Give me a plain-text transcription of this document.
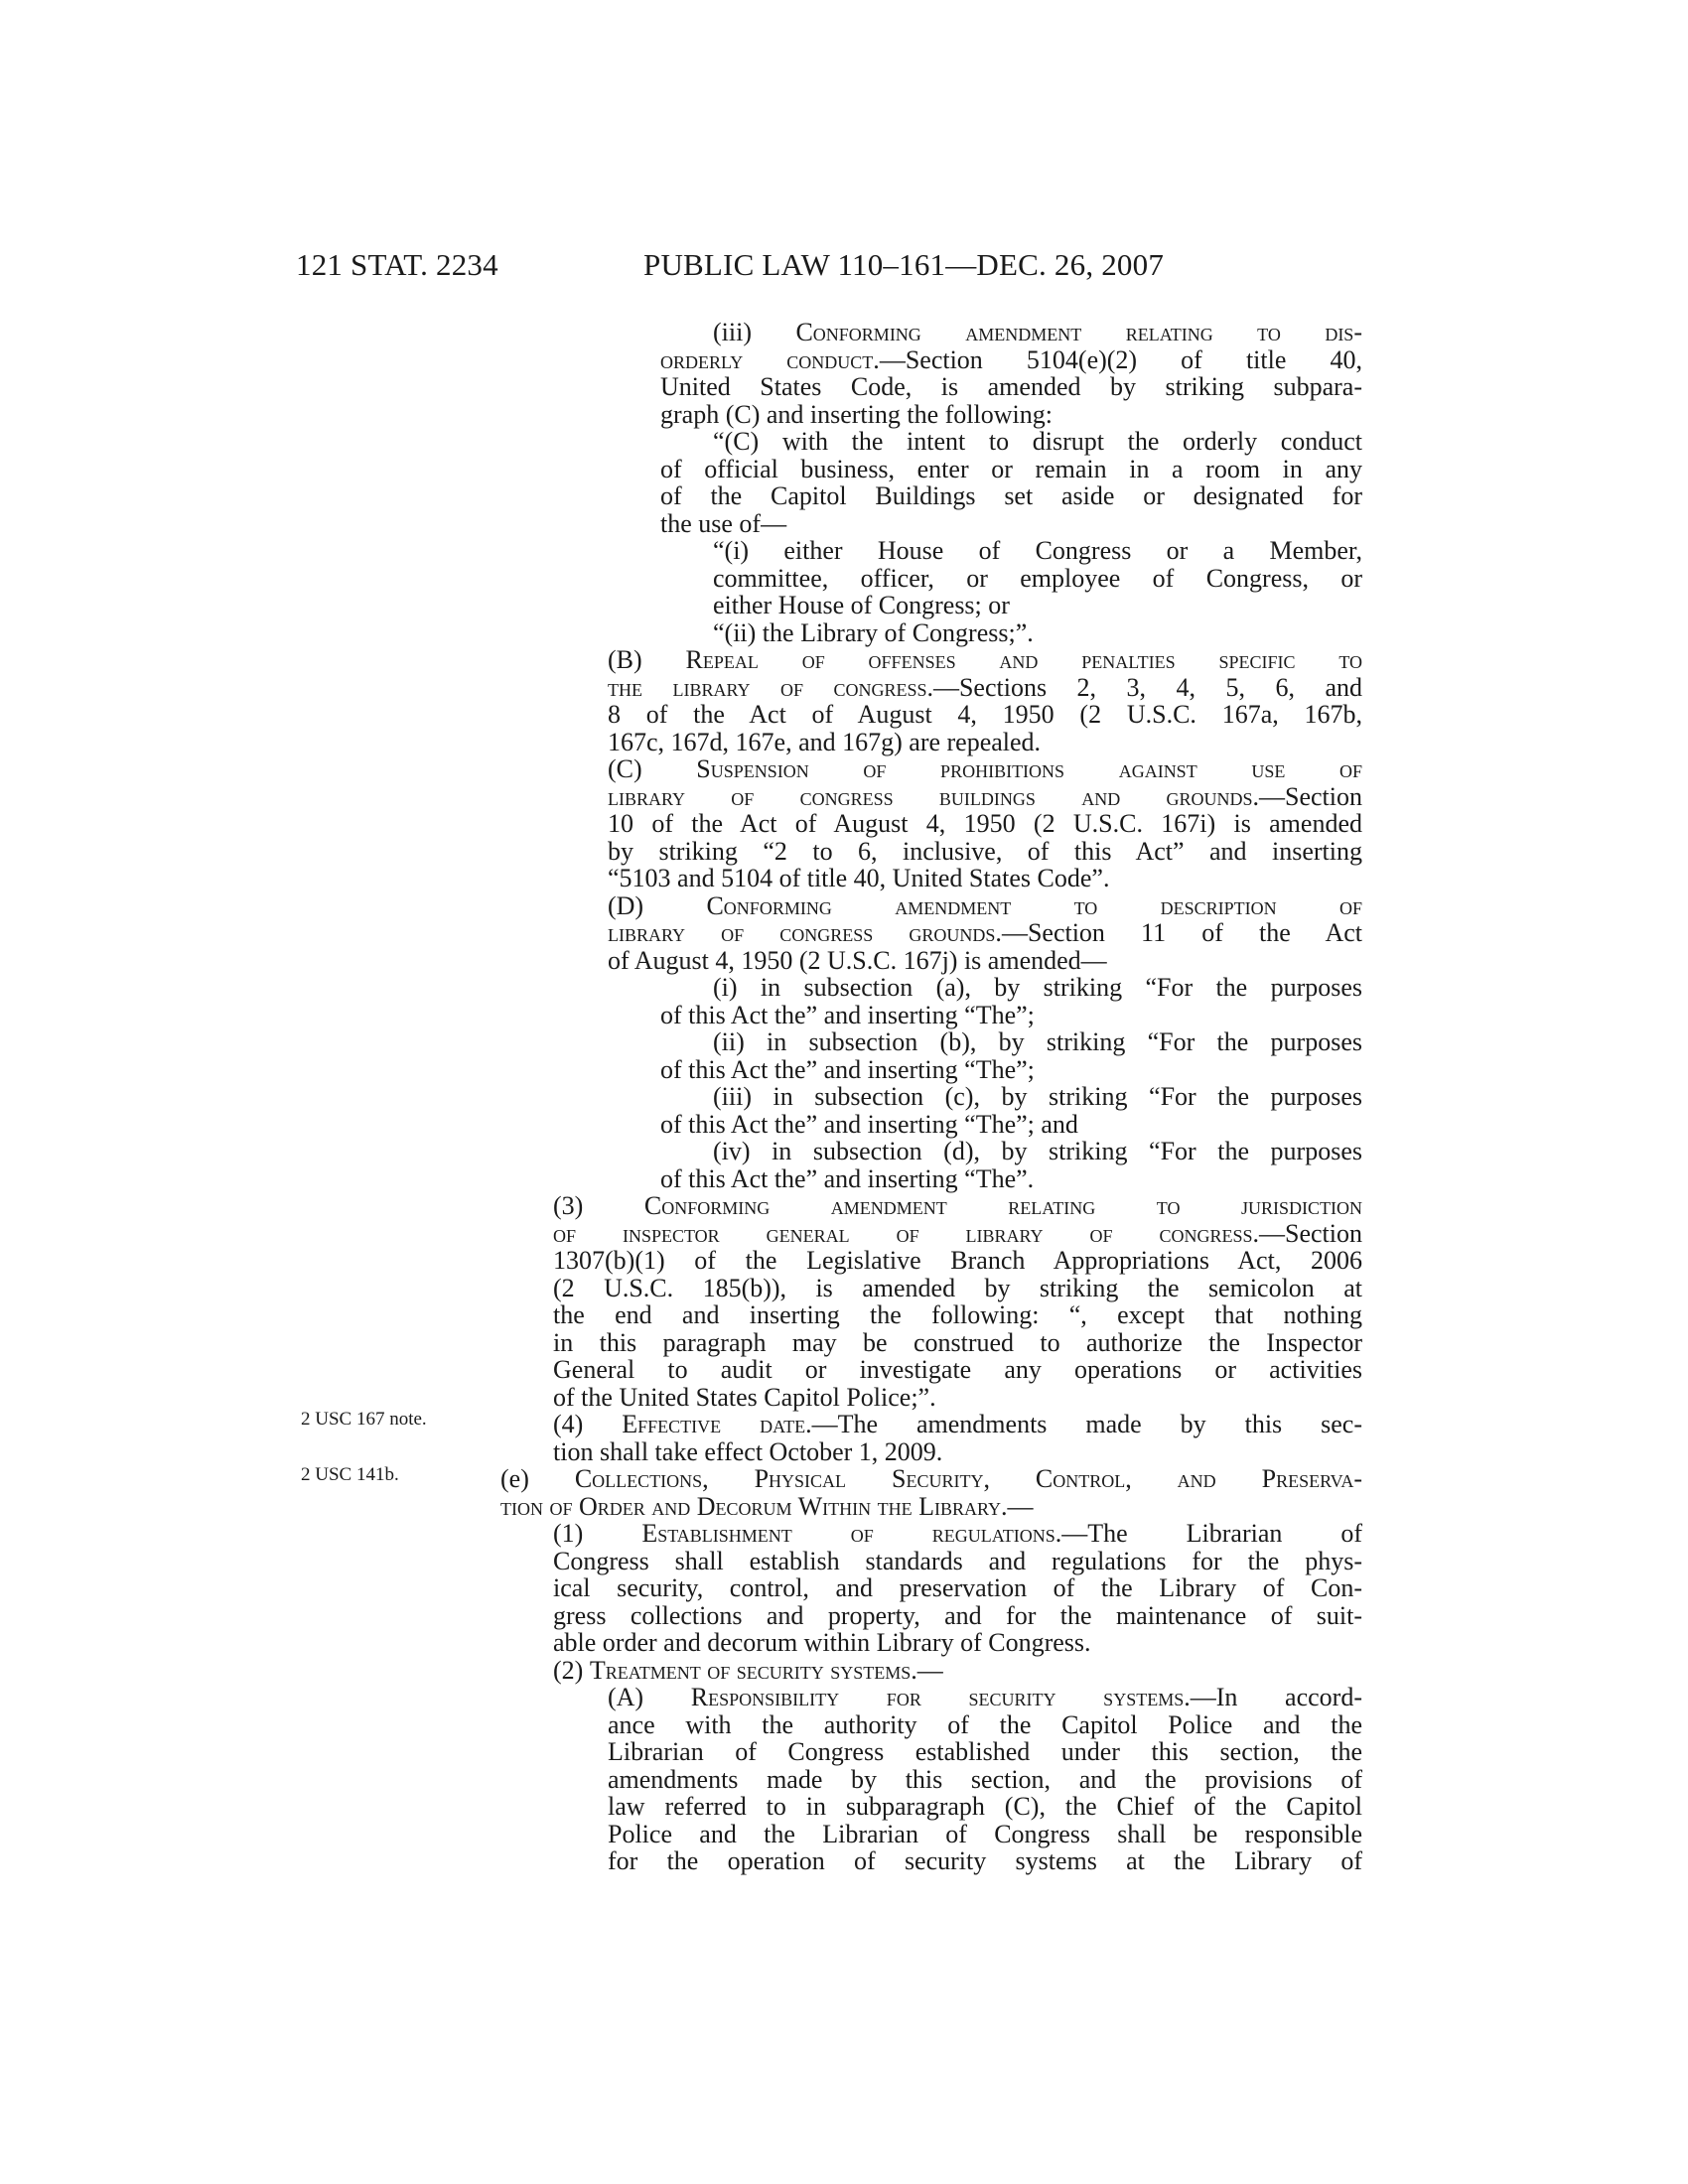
121 STAT. 2234	PUBLIC LAW 110–161—DEC. 26, 2007
2 USC 167 note.
2 USC 141b.
(iii) Conforming amendment relating to dis-
orderly conduct.—Section 5104(e)(2) of title 40,
United States Code, is amended by striking subpara-
graph (C) and inserting the following:
“(C) with the intent to disrupt the orderly conduct
of official business, enter or remain in a room in any
of the Capitol Buildings set aside or designated for
the use of—
“(i) either House of Congress or a Member,
committee, officer, or employee of Congress, or
either House of Congress; or
“(ii) the Library of Congress;”.
(B) Repeal of offenses and penalties specific to
the library of congress.—Sections 2, 3, 4, 5, 6, and
8 of the Act of August 4, 1950 (2 U.S.C. 167a, 167b,
167c, 167d, 167e, and 167g) are repealed.
(C) Suspension of prohibitions against use of
library of congress buildings and grounds.—Section
10 of the Act of August 4, 1950 (2 U.S.C. 167i) is amended
by striking “2 to 6, inclusive, of this Act” and inserting
“5103 and 5104 of title 40, United States Code”.
(D) Conforming amendment to description of
library of congress grounds.—Section 11 of the Act
of August 4, 1950 (2 U.S.C. 167j) is amended—
(i) in subsection (a), by striking “For the purposes
of this Act the” and inserting “The”;
(ii) in subsection (b), by striking “For the purposes
of this Act the” and inserting “The”;
(iii) in subsection (c), by striking “For the purposes
of this Act the” and inserting “The”; and
(iv) in subsection (d), by striking “For the purposes
of this Act the” and inserting “The”.
(3) Conforming amendment relating to jurisdiction
of inspector general of library of congress.—Section
1307(b)(1) of the Legislative Branch Appropriations Act, 2006
(2 U.S.C. 185(b)), is amended by striking the semicolon at
the end and inserting the following: “, except that nothing
in this paragraph may be construed to authorize the Inspector
General to audit or investigate any operations or activities
of the United States Capitol Police;”.
(4) Effective date.—The amendments made by this sec-
tion shall take effect October 1, 2009.
(e) Collections, Physical Security, Control, and Preserva-
tion of Order and Decorum Within the Library.—
(1) Establishment of regulations.—The Librarian of
Congress shall establish standards and regulations for the phys-
ical security, control, and preservation of the Library of Con-
gress collections and property, and for the maintenance of suit-
able order and decorum within Library of Congress.
(2) Treatment of security systems.—
(A) Responsibility for security systems.—In accord-
ance with the authority of the Capitol Police and the
Librarian of Congress established under this section, the
amendments made by this section, and the provisions of
law referred to in subparagraph (C), the Chief of the Capitol
Police and the Librarian of Congress shall be responsible
for the operation of security systems at the Library of
